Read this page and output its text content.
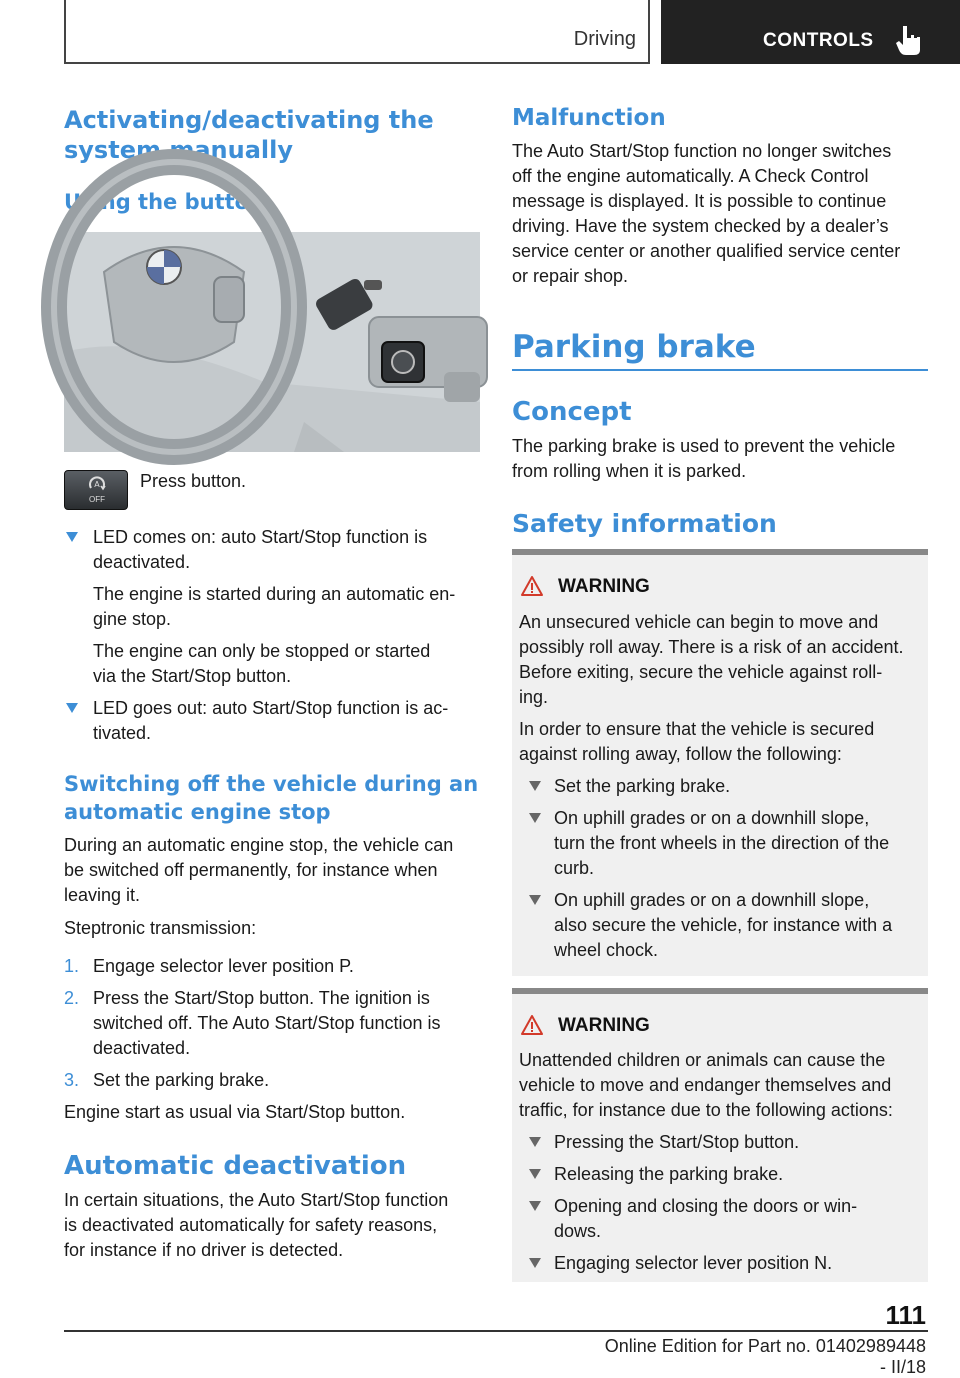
Driving	CONTROLS
Activating/deactivating the
system manually
Using the button
A
OFF
Press button.
LED comes on: auto Start/Stop function is
deactivated.
The engine is started during an automatic en-
gine stop.
The engine can only be stopped or started
via the Start/Stop button.
LED goes out: auto Start/Stop function is ac-
tivated.
Switching off the vehicle during an
automatic engine stop
During an automatic engine stop, the vehicle can
be switched off permanently, for instance when
leaving it.
Steptronic transmission:
1. Engage selector lever position P.
2. Press the Start/Stop button. The ignition is
switched off. The Auto Start/Stop function is
deactivated.
3. Set the parking brake.
Engine start as usual via Start/Stop button.
Automatic deactivation
In certain situations, the Auto Start/Stop function
is deactivated automatically for safety reasons,
for instance if no driver is detected.
Malfunction
The Auto Start/Stop function no longer switches
off the engine automatically. A Check Control
message is displayed. It is possible to continue
driving. Have the system checked by a dealer’s
service center or another qualified service center
or repair shop.
Parking brake
Concept
The parking brake is used to prevent the vehicle
from rolling when it is parked.
Safety information
WARNING
An unsecured vehicle can begin to move and
possibly roll away. There is a risk of an accident.
Before exiting, secure the vehicle against roll-
ing.
In order to ensure that the vehicle is secured
against rolling away, follow the following:
Set the parking brake.
On uphill grades or on a downhill slope,
turn the front wheels in the direction of the
curb.
On uphill grades or on a downhill slope,
also secure the vehicle, for instance with a
wheel chock.
WARNING
Unattended children or animals can cause the
vehicle to move and endanger themselves and
traffic, for instance due to the following actions:
Pressing the Start/Stop button.
Releasing the parking brake.
Opening and closing the doors or win-
dows.
Engaging selector lever position N.
111
Online Edition for Part no. 01402989448 - II/18
